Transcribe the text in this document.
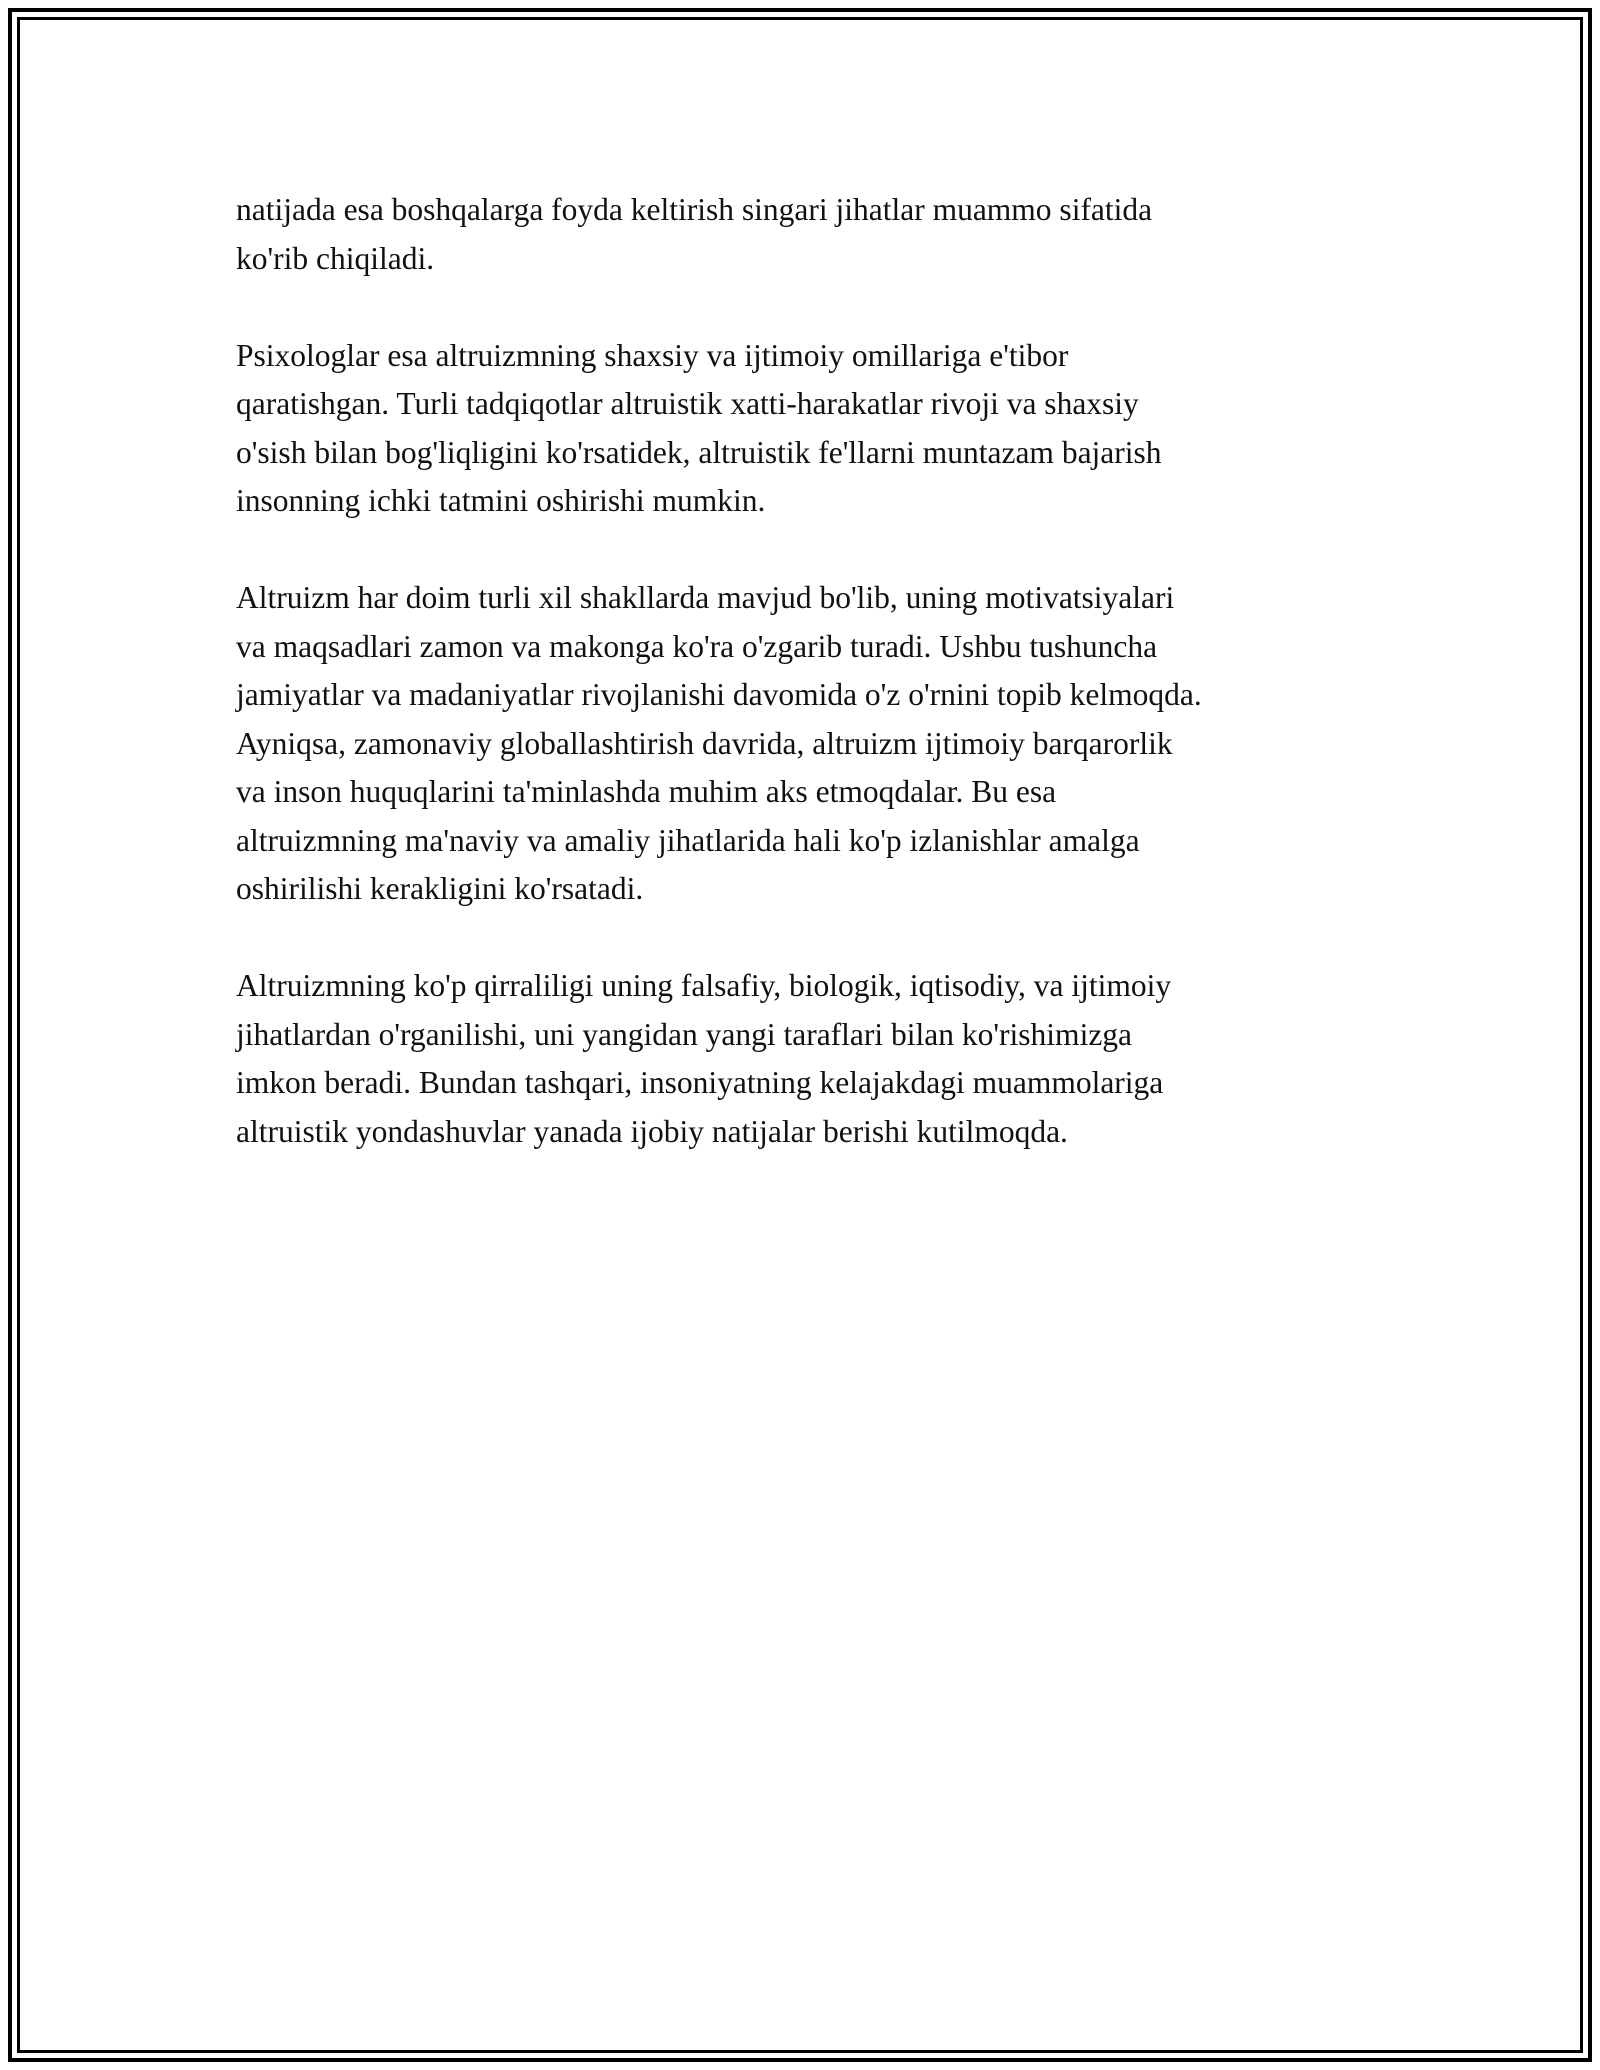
natijada esa boshqalarga foyda keltirish singari jihatlar muammo sifatida
ko'rib chiqiladi.

Psixologlar esa altruizmning shaxsiy va ijtimoiy omillariga e'tibor
qaratishgan. Turli tadqiqotlar altruistik xatti-harakatlar rivoji va shaxsiy
o'sish bilan bog'liqligini ko'rsatidek, altruistik fe'llarni muntazam bajarish
insonning ichki tatmini oshirishi mumkin.

Altruizm har doim turli xil shakllarda mavjud bo'lib, uning motivatsiyalari
va maqsadlari zamon va makonga ko'ra o'zgarib turadi. Ushbu tushuncha
jamiyatlar va madaniyatlar rivojlanishi davomida o'z o'rnini topib kelmoqda.
Ayniqsa, zamonaviy globallashtirish davrida, altruizm ijtimoiy barqarorlik
va inson huquqlarini ta'minlashda muhim aks etmoqdalar. Bu esa
altruizmning ma'naviy va amaliy jihatlarida hali ko'p izlanishlar amalga
oshirilishi kerakligini ko'rsatadi.

Altruizmning ko'p qirraliligi uning falsafiy, biologik, iqtisodiy, va ijtimoiy
jihatlardan o'rganilishi, uni yangidan yangi taraflari bilan ko'rishimizga
imkon beradi. Bundan tashqari, insoniyatning kelajakdagi muammolariga
altruistik yondashuvlar yanada ijobiy natijalar berishi kutilmoqda.
